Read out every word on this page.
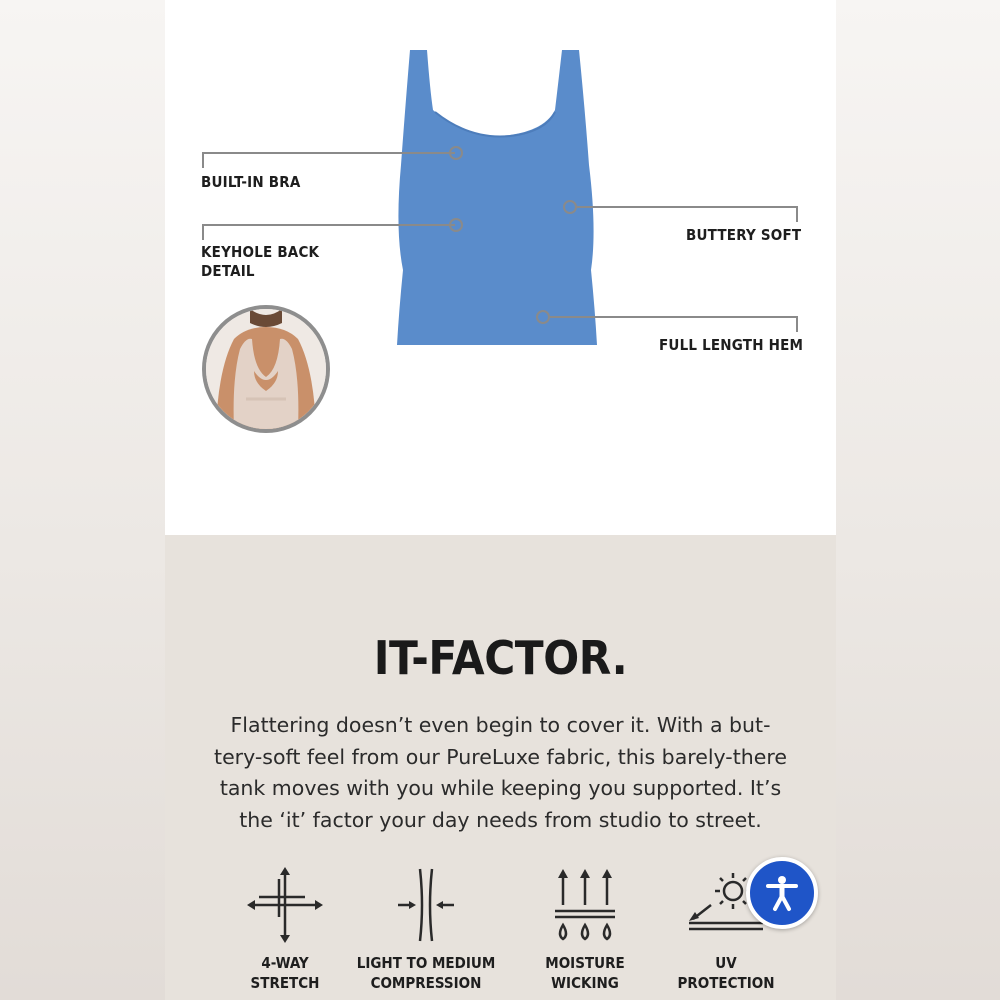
BUILT-IN BRA
KEYHOLE BACK
DETAIL
BUTTERY SOFT
FULL LENGTH HEM
IT-FACTOR.
Flattering doesn’t even begin to cover it. With a but-
tery-soft feel from our PureLuxe fabric, this barely-there
tank moves with you while keeping you supported. It’s
the ‘it’ factor your day needs from studio to street.
4-WAY
STRETCH
LIGHT TO MEDIUM
COMPRESSION
MOISTURE
WICKING
UV
PROTECTION
